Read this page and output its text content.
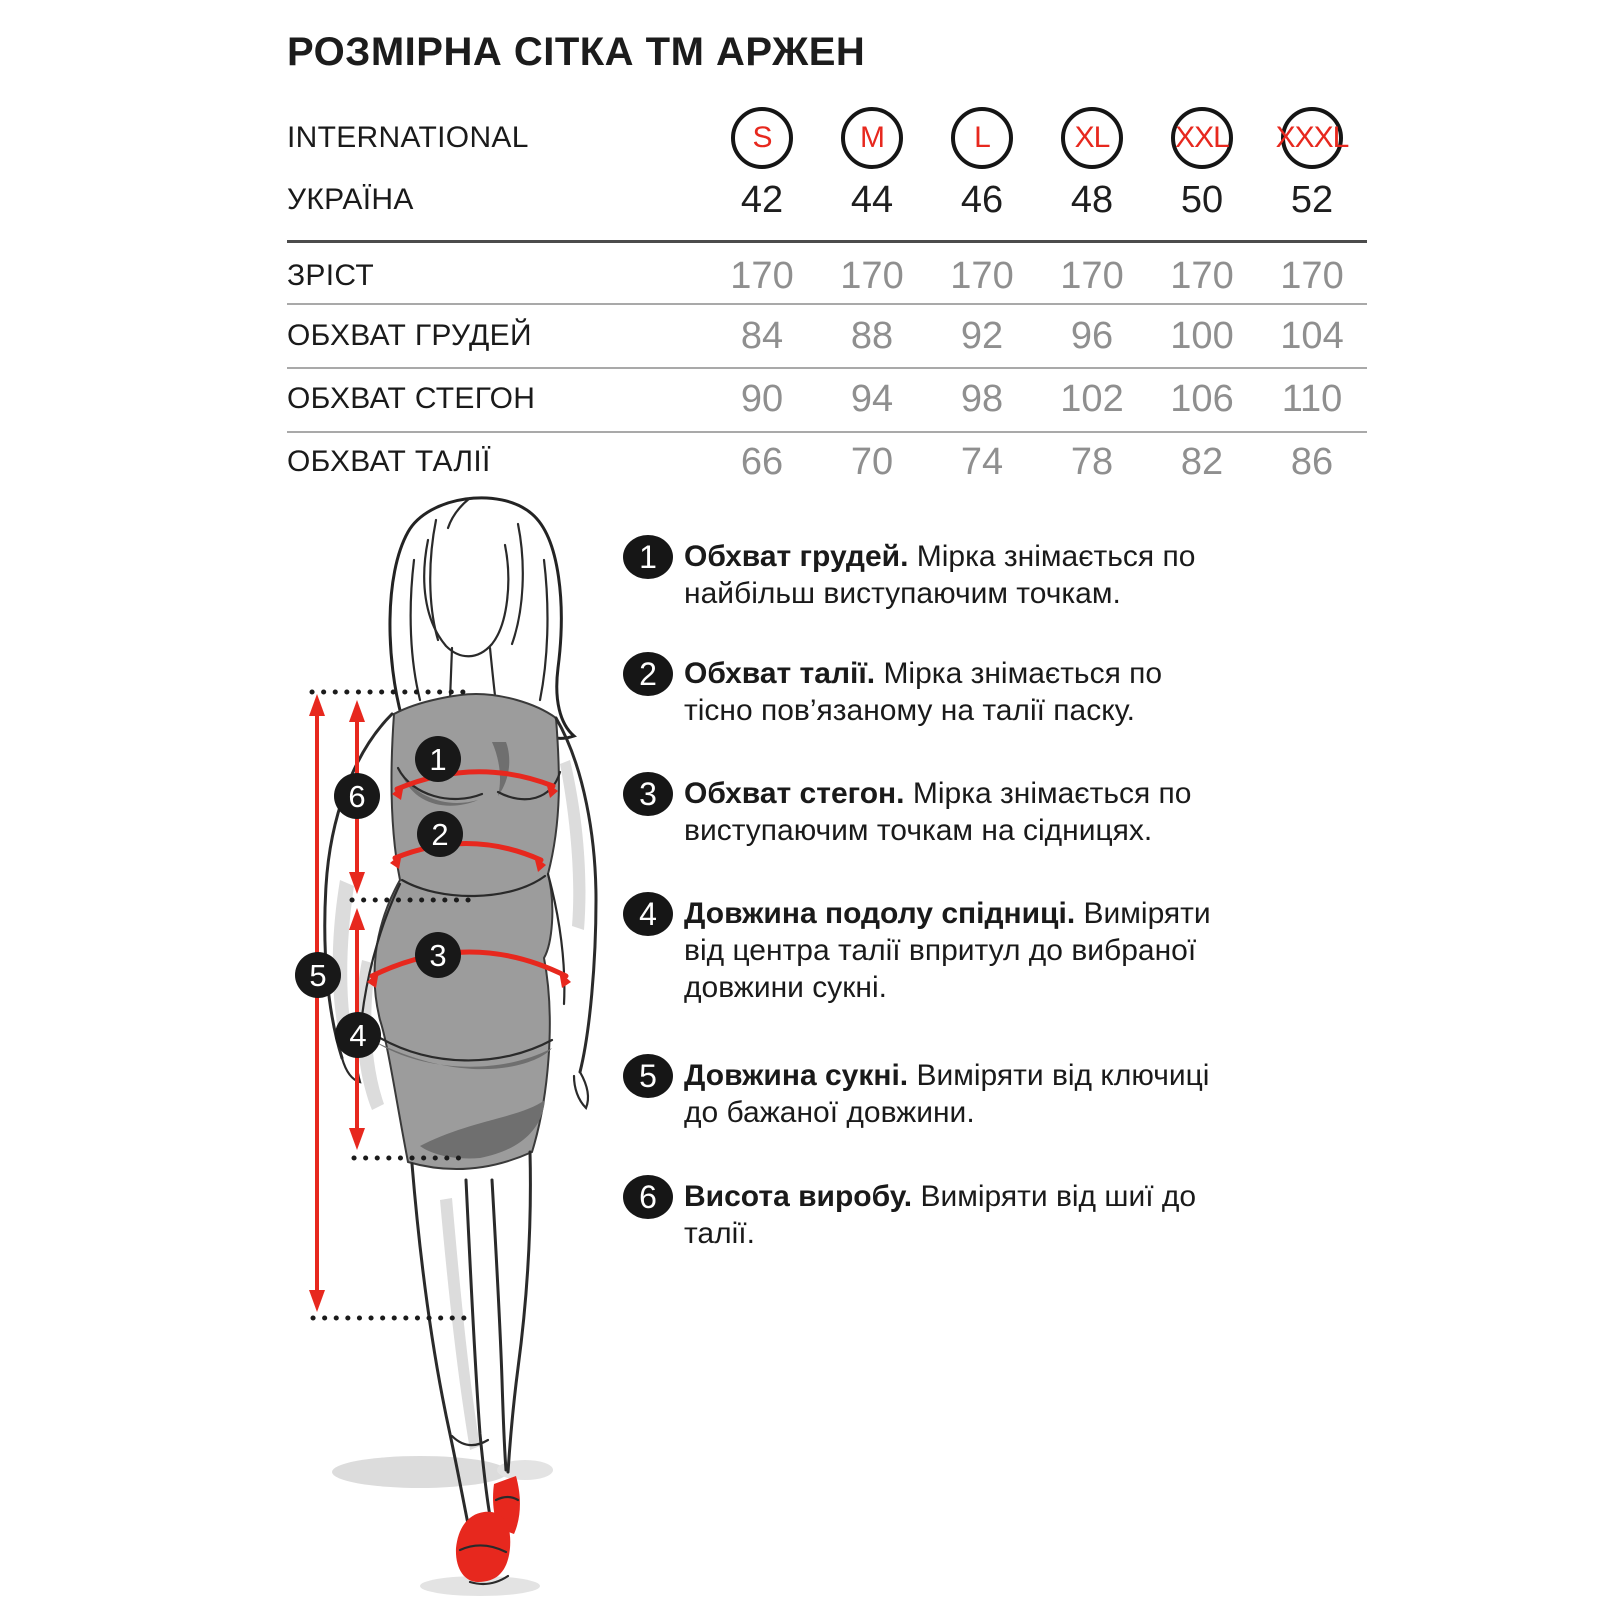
РОЗМІРНА СІТКА ТМ АРЖЕН
INTERNATIONAL	S	M	L	XL	XXL	XXXL
УКРАЇНА	42	44	46	48	50	52
ЗРІСТ	170	170	170	170	170	170
ОБХВАТ ГРУДЕЙ	84	88	92	96	100	104
ОБХВАТ СТЕГОН	90	94	98	102	106	110
ОБХВАТ ТАЛІЇ	66	70	74	78	82	86
1 Обхват грудей. Мірка знімається по
найбільш виступаючим точкам.
2 Обхват талії. Мірка знімається по
тісно пов’язаному на талії паску.
3 Обхват стегон. Мірка знімається по
виступаючим точкам на сідницях.
4 Довжина подолу спідниці. Виміряти
від центра талії впритул до вибраної
довжини сукні.
5 Довжина сукні. Виміряти від ключиці
до бажаної довжини.
6 Висота виробу. Виміряти від шиї до
талії.
1
2
3
4
5
6
